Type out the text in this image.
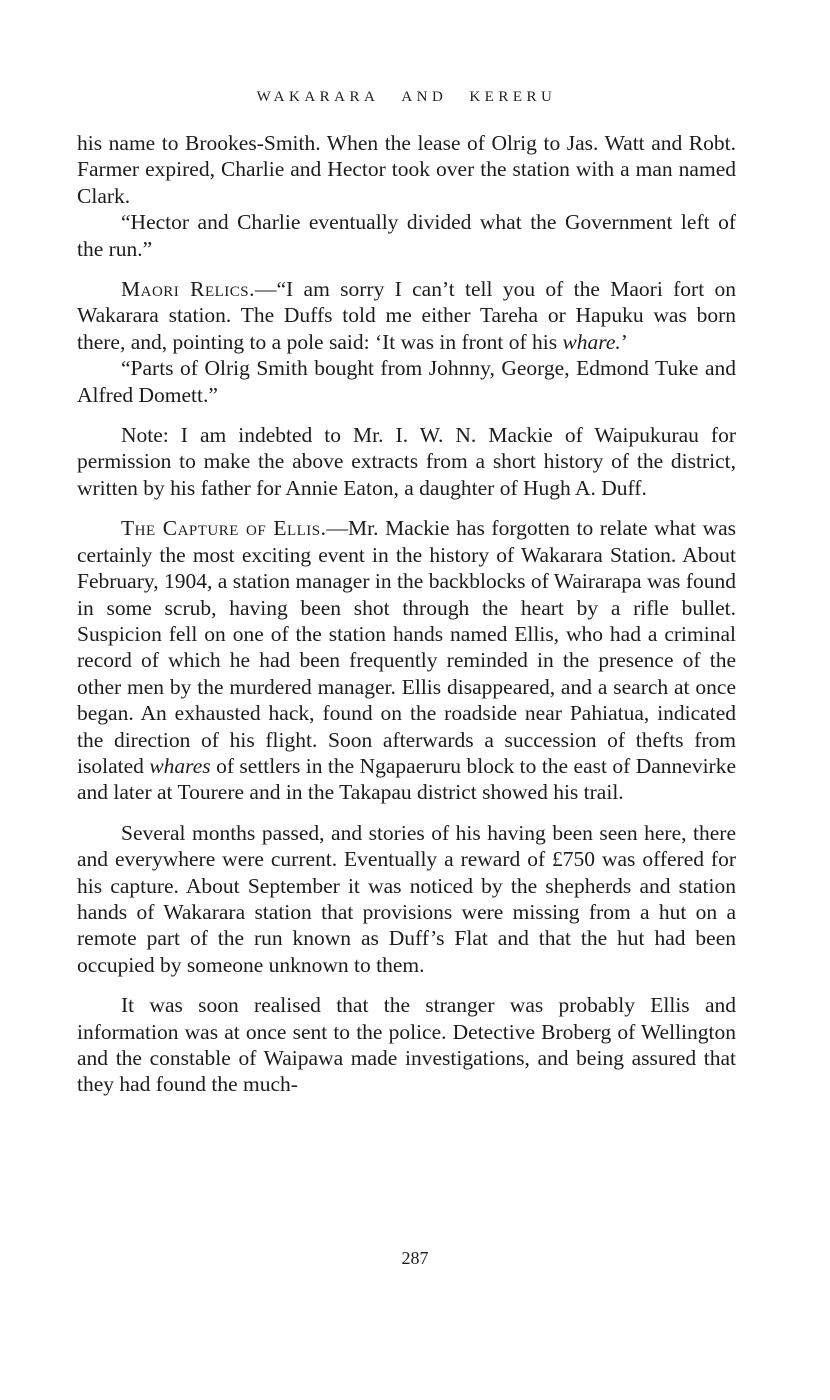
WAKARARA AND KERERU

his name to Brookes-Smith. When the lease of Olrig to Jas. Watt and Robt. Farmer expired, Charlie and Hector took over the station with a man named Clark.

“Hector and Charlie eventually divided what the Government left of the run.”

Maori Relics.—“I am sorry I can’t tell you of the Maori fort on Wakarara station. The Duffs told me either Tareha or Hapuku was born there, and, pointing to a pole said: ‘It was in front of his whare.’

“Parts of Olrig Smith bought from Johnny, George, Edmond Tuke and Alfred Domett.”

Note: I am indebted to Mr. I. W. N. Mackie of Waipukurau for permission to make the above extracts from a short history of the district, written by his father for Annie Eaton, a daughter of Hugh A. Duff.

The Capture of Ellis.—Mr. Mackie has forgotten to relate what was certainly the most exciting event in the history of Wakarara Station. About February, 1904, a station manager in the backblocks of Wairarapa was found in some scrub, having been shot through the heart by a rifle bullet. Suspicion fell on one of the station hands named Ellis, who had a criminal record of which he had been frequently reminded in the presence of the other men by the murdered manager. Ellis disappeared, and a search at once began. An exhausted hack, found on the roadside near Pahiatua, indicated the direction of his flight. Soon afterwards a succession of thefts from isolated whares of settlers in the Ngapaeruru block to the east of Dannevirke and later at Tourere and in the Takapau district showed his trail.

Several months passed, and stories of his having been seen here, there and everywhere were current. Eventually a reward of £750 was offered for his capture. About September it was noticed by the shepherds and station hands of Wakarara station that provisions were missing from a hut on a remote part of the run known as Duff’s Flat and that the hut had been occupied by someone unknown to them.

It was soon realised that the stranger was probably Ellis and information was at once sent to the police. Detective Broberg of Wellington and the constable of Waipawa made investigations, and being assured that they had found the much-

287
